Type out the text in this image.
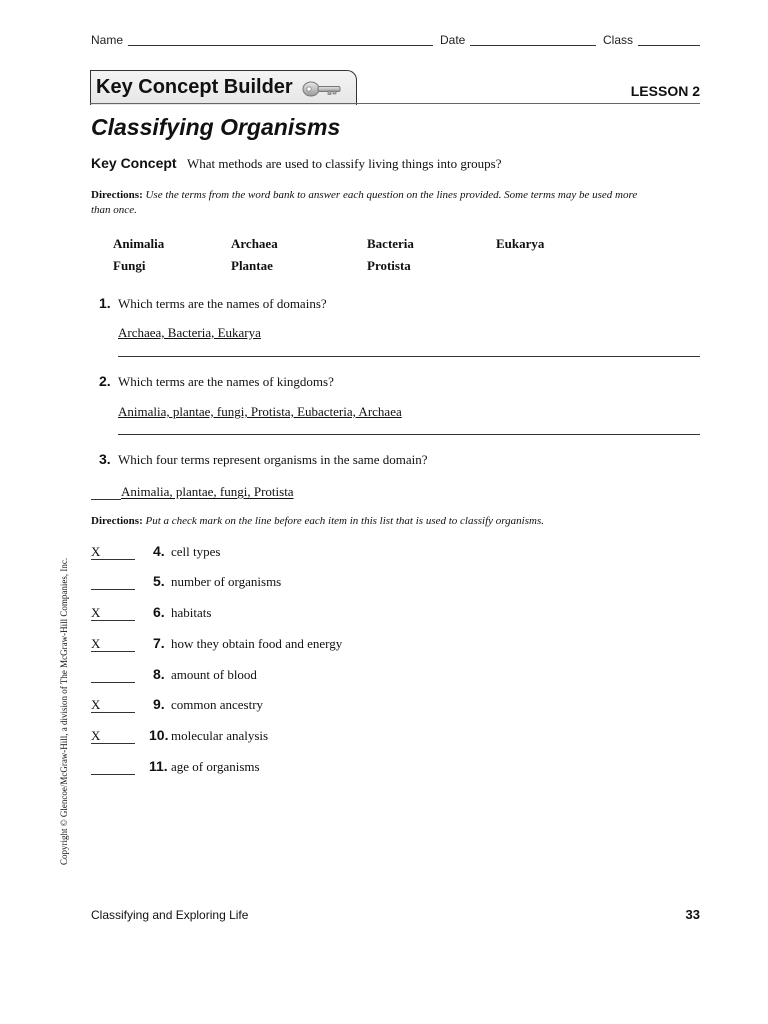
Name	Date	Class
Key Concept Builder	LESSON 2
Classifying Organisms
Key Concept What methods are used to classify living things into groups?
Directions: Use the terms from the word bank to answer each question on the lines provided. Some terms may be used more than once.
Animalia	Archaea	Bacteria	Eukarya
Fungi	Plantae	Protista
1. Which terms are the names of domains?
Archaea, Bacteria, Eukarya
2. Which terms are the names of kingdoms?
Animalia, plantae, fungi, Protista, Eubacteria, Archaea
3. Which four terms represent organisms in the same domain?
Animalia, plantae, fungi, Protista
Directions: Put a check mark on the line before each item in this list that is used to classify organisms.
X	4. cell types
5. number of organisms
X	6. habitats
X	7. how they obtain food and energy
8. amount of blood
X	9. common ancestry
X	10. molecular analysis
11. age of organisms
Copyright © Glencoe/McGraw-Hill, a division of The McGraw-Hill Companies, Inc.
Classifying and Exploring Life	33
